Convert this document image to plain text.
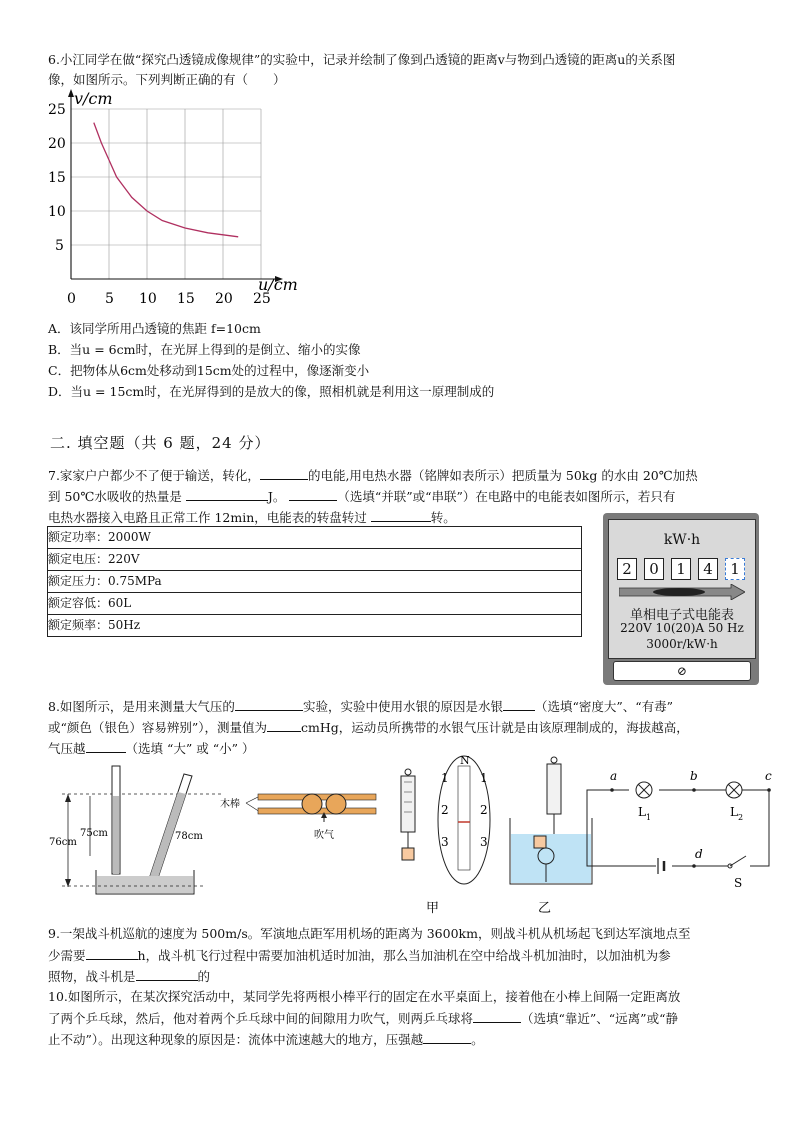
6.小江同学在做“探究凸透镜成像规律”的实验中，记录并绘制了像到凸透镜的距离v与物到凸透镜的距离u的关系图
像，如图所示。下列判断正确的有（　　）
0 5 10 15 20 25
5
10
15
20
25
v/cm
u/cm
A．该同学所用凸透镜的焦距 f=10cm
B．当u = 6cm时，在光屏上得到的是倒立、缩小的实像
C．把物体从6cm处移动到15cm处的过程中，像逐渐变小
D．当u = 15cm时，在光屏得到的是放大的像，照相机就是利用这一原理制成的
二. 填空题（共 6 题，24 分）
7.家家户户都少不了便于输送，转化，	的电能,用电热水器（铭牌如表所示）把质量为 50kg 的水由 20℃加热
到 50℃水吸收的热量是	J。	（选填“并联”或“串联”）在电路中的电能表如图所示，若只有
电热水器接入电路且正常工作 12min，电能表的转盘转过	转。
额定功率：2000W
额定电压：220V
额定压力：0.75MPa
额定容低：60L
额定频率：50Hz
kW·h
2	0	1	4	1
单相电子式电能表
220V 10(20)A 50 Hz
3000r/kW·h
⊘
8.如图所示，是用来测量大气压的	实验，实验中使用水银的原因是水银	（选填“密度大”、“有毒”
或“颜色（银色）容易辨别”），测量值为	cmHg，运动员所携带的水银气压计就是由该原理制成的，海拔越高，
气压越	（选填 “大” 或 “小” ）
76cm
75cm	78cm
木棒
吹气
N
1	1
2	2
3	3
甲	乙
a	b	c
d
L 1	L 2
S
9.一架战斗机巡航的速度为 500m/s。军演地点距军用机场的距离为 3600km，则战斗机从机场起飞到达军演地点至
少需要	h，战斗机飞行过程中需要加油机适时加油，那么当加油机在空中给战斗机加油时，以加油机为参
照物，战斗机是	的
10.如图所示，在某次探究活动中，某同学先将两根小棒平行的固定在水平桌面上，接着他在小棒上间隔一定距离放
了两个乒乓球，然后，他对着两个乒乓球中间的间隙用力吹气，则两乒乓球将	（选填“靠近”、“远离”或“静
止不动”）。出现这种现象的原因是：流体中流速越大的地方，压强越	。
